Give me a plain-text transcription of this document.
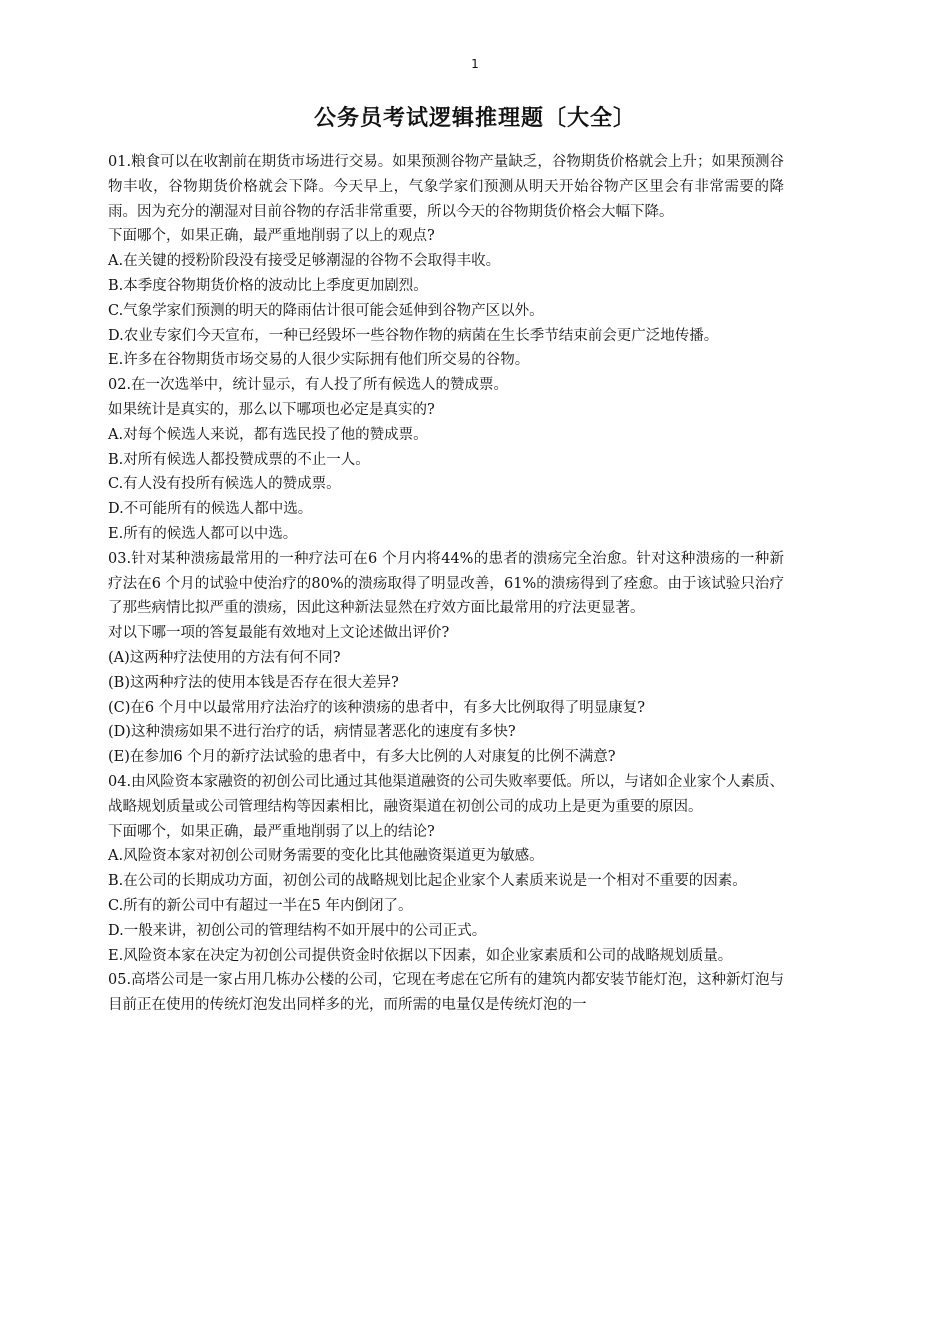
1
公务员考试逻辑推理题〔大全〕

01.粮食可以在收割前在期货市场进行交易。如果预测谷物产量缺乏，谷物期货价格就会上升；如果预测谷物丰收，谷物期货价格就会下降。今天早上，气象学家们预测从明天开始谷物产区里会有非常需要的降雨。因为充分的潮湿对目前谷物的存活非常重要，所以今天的谷物期货价格会大幅下降。

下面哪个，如果正确，最严重地削弱了以上的观点?

A.在关键的授粉阶段没有接受足够潮湿的谷物不会取得丰收。

B.本季度谷物期货价格的波动比上季度更加剧烈。

C.气象学家们预测的明天的降雨估计很可能会延伸到谷物产区以外。

D.农业专家们今天宣布，一种已经毁坏一些谷物作物的病菌在生长季节结束前会更广泛地传播。

E.许多在谷物期货市场交易的人很少实际拥有他们所交易的谷物。

02.在一次选举中，统计显示，有人投了所有候选人的赞成票。

如果统计是真实的，那么以下哪项也必定是真实的?

A.对每个候选人来说，都有选民投了他的赞成票。

B.对所有候选人都投赞成票的不止一人。

C.有人没有投所有候选人的赞成票。

D.不可能所有的候选人都中选。

E.所有的候选人都可以中选。

03.针对某种溃疡最常用的一种疗法可在6 个月内将44%的患者的溃疡完全治愈。针对这种溃疡的一种新疗法在6 个月的试验中使治疗的80%的溃疡取得了明显改善，61%的溃疡得到了痊愈。由于该试验只治疗了那些病情比拟严重的溃疡，因此这种新法显然在疗效方面比最常用的疗法更显著。

对以下哪一项的答复最能有效地对上文论述做出评价?

(A)这两种疗法使用的方法有何不同?

(B)这两种疗法的使用本钱是否存在很大差异?

(C)在6 个月中以最常用疗法治疗的该种溃疡的患者中，有多大比例取得了明显康复?

(D)这种溃疡如果不进行治疗的话，病情显著恶化的速度有多快?

(E)在参加6 个月的新疗法试验的患者中，有多大比例的人对康复的比例不满意?

04.由风险资本家融资的初创公司比通过其他渠道融资的公司失败率要低。所以，与诸如企业家个人素质、战略规划质量或公司管理结构等因素相比，融资渠道在初创公司的成功上是更为重要的原因。

下面哪个，如果正确，最严重地削弱了以上的结论?

A.风险资本家对初创公司财务需要的变化比其他融资渠道更为敏感。

B.在公司的长期成功方面，初创公司的战略规划比起企业家个人素质来说是一个相对不重要的因素。

C.所有的新公司中有超过一半在5 年内倒闭了。

D.一般来讲，初创公司的管理结构不如开展中的公司正式。

E.风险资本家在决定为初创公司提供资金时依据以下因素，如企业家素质和公司的战略规划质量。

05.高塔公司是一家占用几栋办公楼的公司，它现在考虑在它所有的建筑内都安装节能灯泡，这种新灯泡与目前正在使用的传统灯泡发出同样多的光，而所需的电量仅是传统灯泡的一
